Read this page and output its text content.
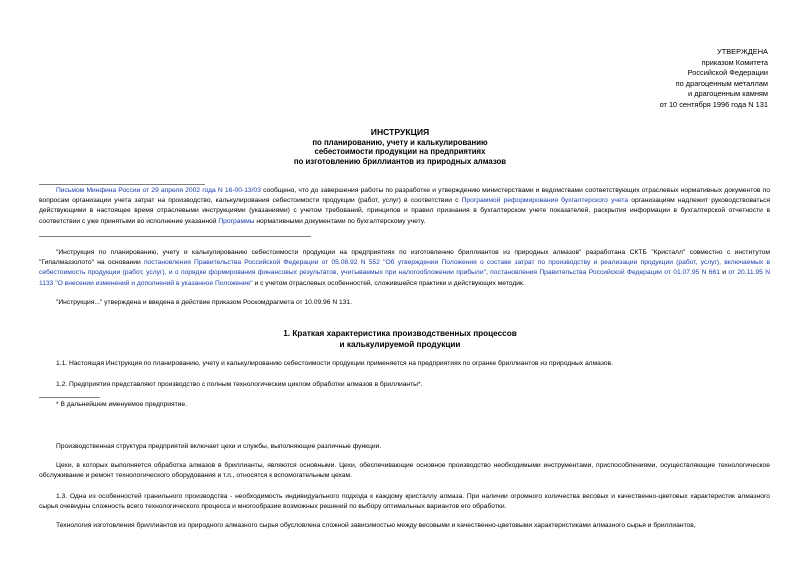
УТВЕРЖДЕНА
приказом Комитета
Российской Федерации
по драгоценным металлам
и драгоценным камням
от 10 сентября 1996 года N 131
ИНСТРУКЦИЯ
по планированию, учету и калькулированию
себестоимости продукции на предприятиях
по изготовлению бриллиантов из природных алмазов
Письмом Минфина России от 29 апреля 2002 года N 16-00-13/03 сообщено, что до завершения работы по разработке и утверждению министерствами и ведомствами соответствующих отраслевых нормативных документов по вопросам организации учета затрат на производство, калькулирования себестоимости продукции (работ, услуг) в соответствии с Программой реформирования бухгалтерского учета организациям надлежит руководствоваться действующими в настоящее время отраслевыми инструкциями (указаниями) с учетом требований, принципов и правил признания в бухгалтерском учете показателей, раскрытия информации в бухгалтерской отчетности в соответствии с уже принятыми во исполнение указанной Программы нормативными документами по бухгалтерскому учету.
"Инструкция по планированию, учету и калькулированию себестоимости продукции на предприятиях по изготовлению бриллиантов из природных алмазов" разработана СКТБ "Кристалл" совместно с институтом "Гипалмаззолото" на основании постановления Правительства Российской Федерации от 05.08.92 N 552 "Об утверждении Положения о составе затрат по производству и реализации продукции (работ, услуг), включаемых в себестоимость продукции (работ, услуг), и о порядке формирования финансовых результатов, учитываемых при налогообложении прибыли", постановления Правительства Российской Федерации от 01.07.95 N 661 и от 20.11.95 N 1133 "О внесении изменений и дополнений в указанное Положение" и с учетом отраслевых особенностей, сложившейся практики и действующих методик.
"Инструкция..." утверждена и введена в действие приказом Роскомдрагмета от 10.09.96 N 131.
1. Краткая характеристика производственных процессов
и калькулируемой продукции
1.1. Настоящая Инструкция по планированию, учету и калькулированию себестоимости продукции применяется на предприятиях по огранке бриллиантов из природных алмазов.
1.2. Предприятия представляют производство с полным технологическим циклом обработки алмазов в бриллианты*.
* В дальнейшем именуемое предприятие.
Производственная структура предприятий включает цехи и службы, выполняющие различные функции.
Цехи, в которых выполняется обработка алмазов в бриллианты, являются основными. Цехи, обеспечивающие основное производство необходимыми инструментами, приспособлениями, осуществляющие технологическое обслуживание и ремонт технологического оборудования и т.п., относятся к вспомогательным цехам.
1.3. Одна из особенностей гранильного производства - необходимость индивидуального подхода к каждому кристаллу алмаза. При наличии огромного количества весовых и качественно-цветовых характеристик алмазного сырья очевидны сложность всего технологического процесса и многообразие возможных решений по выбору оптимальных вариантов его обработки.
Технология изготовления бриллиантов из природного алмазного сырья обусловлена сложной зависимостью между весовыми и качественно-цветовыми характеристиками алмазного сырья и бриллиантов,
